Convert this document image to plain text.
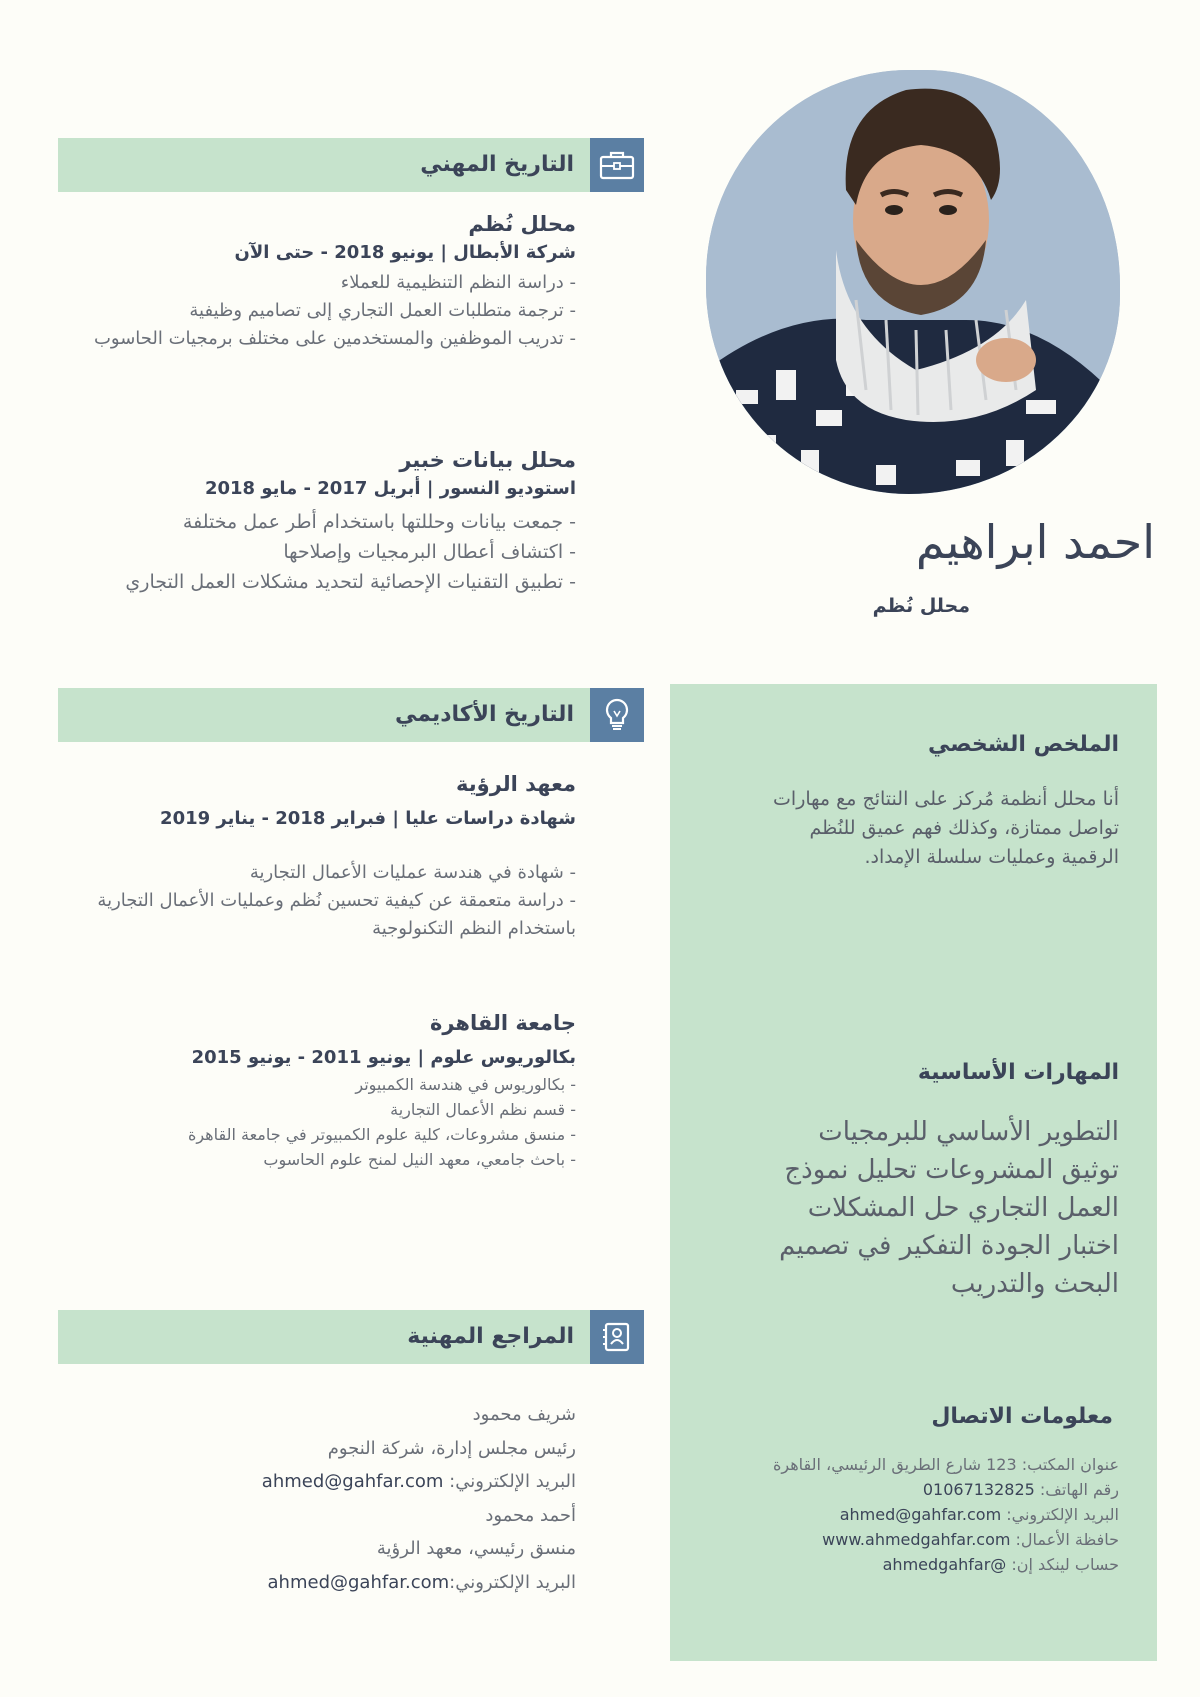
احمد ابراهيم
محلل نُظم
الملخص الشخصي
أنا محلل أنظمة مُركز على النتائج مع مهارات تواصل ممتازة، وكذلك فهم عميق للنُظم الرقمية وعمليات سلسلة الإمداد.
المهارات الأساسية
التطوير الأساسي للبرمجيات توثيق المشروعات تحليل نموذج العمل التجاري حل المشكلات اختبار الجودة التفكير في تصميم البحث والتدريب
معلومات الاتصال
عنوان المكتب: 123 شارع الطريق الرئيسي، القاهرة
رقم الهاتف: 01067132825
البريد الإلكتروني: ahmed@gahfar.com
حافظة الأعمال: www.ahmedgahfar.com
حساب لينكد إن: @ahmedgahfar
التاريخ المهني
محلل نُظم
شركة الأبطال | يونيو 2018 - حتى الآن
- دراسة النظم التنظيمية للعملاء
- ترجمة متطلبات العمل التجاري إلى تصاميم وظيفية
- تدريب الموظفين والمستخدمين على مختلف برمجيات الحاسوب
محلل بيانات خبير
استوديو النسور | أبريل 2017 - مايو 2018
- جمعت بيانات وحللتها باستخدام أطر عمل مختلفة
- اكتشاف أعطال البرمجيات وإصلاحها
- تطبيق التقنيات الإحصائية لتحديد مشكلات العمل التجاري
التاريخ الأكاديمي
معهد الرؤية
شهادة دراسات عليا | فبراير 2018 - يناير 2019
- شهادة في هندسة عمليات الأعمال التجارية
- دراسة متعمقة عن كيفية تحسين نُظم وعمليات الأعمال التجارية باستخدام النظم التكنولوجية
جامعة القاهرة
بكالوريوس علوم | يونيو 2011 - يونيو 2015
- بكالوريوس في هندسة الكمبيوتر
- قسم نظم الأعمال التجارية
- منسق مشروعات، كلية علوم الكمبيوتر في جامعة القاهرة
- باحث جامعي، معهد النيل لمنح علوم الحاسوب
المراجع المهنية
شريف محمود
رئيس مجلس إدارة، شركة النجوم
البريد الإلكتروني: ahmed@gahfar.com
أحمد محمود
منسق رئيسي، معهد الرؤية
البريد الإلكتروني:ahmed@gahfar.com
